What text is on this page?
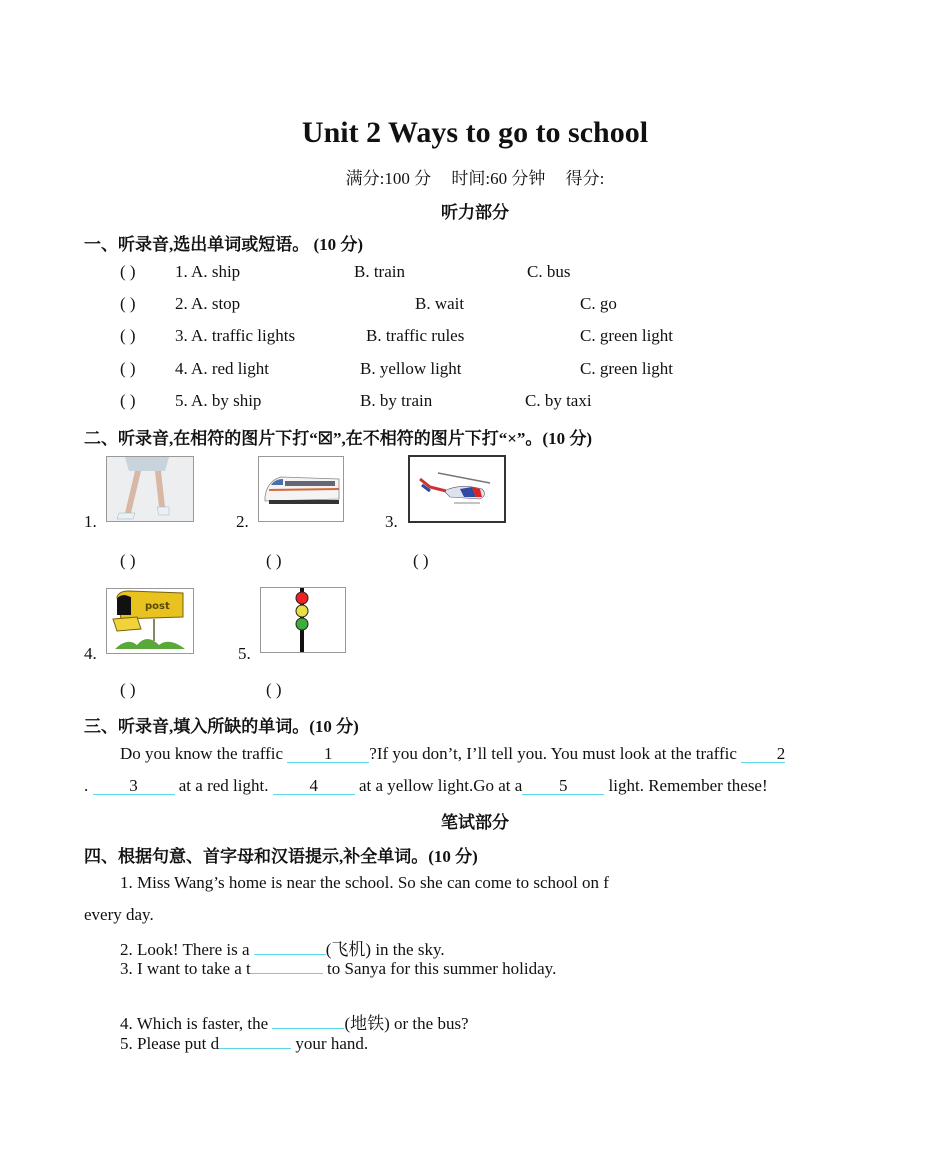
Unit 2 Ways to go to school
满分:100 分 时间:60 分钟 得分:
听力部分
一、听录音,选出单词或短语。 (10 分)
( ) 1. A. ship	B. train	C. bus
( ) 2. A. stop	B. wait	C. go
( ) 3. A. traffic lights	B. traffic rules	C. green light
( ) 4. A. red light	B. yellow light	C. green light
( ) 5. A. by ship	B. by train	C. by taxi
二、听录音,在相符的图片下打“☒”,在不相符的图片下打“×”。(10 分)
1.	2.	3.
( )	( )	( )
4.
post
5.
( )	( )
三、听录音,填入所缺的单词。(10 分)
Do you know the traffic 1 ?If you don’t, I’ll tell you. You must look at the traffic 2
. 3 at a red light. 4 at a yellow light.Go at a 5 light. Remember these!
笔试部分
四、根据句意、首字母和汉语提示,补全单词。(10 分)
1. Miss Wang’s home is near the school. So she can come to school on f
every day.
2. Look! There is a	(飞机) in the sky.
3. I want to take a t	to Sanya for this summer holiday.
4. Which is faster, the	(地铁) or the bus?
5. Please put d	your hand.
